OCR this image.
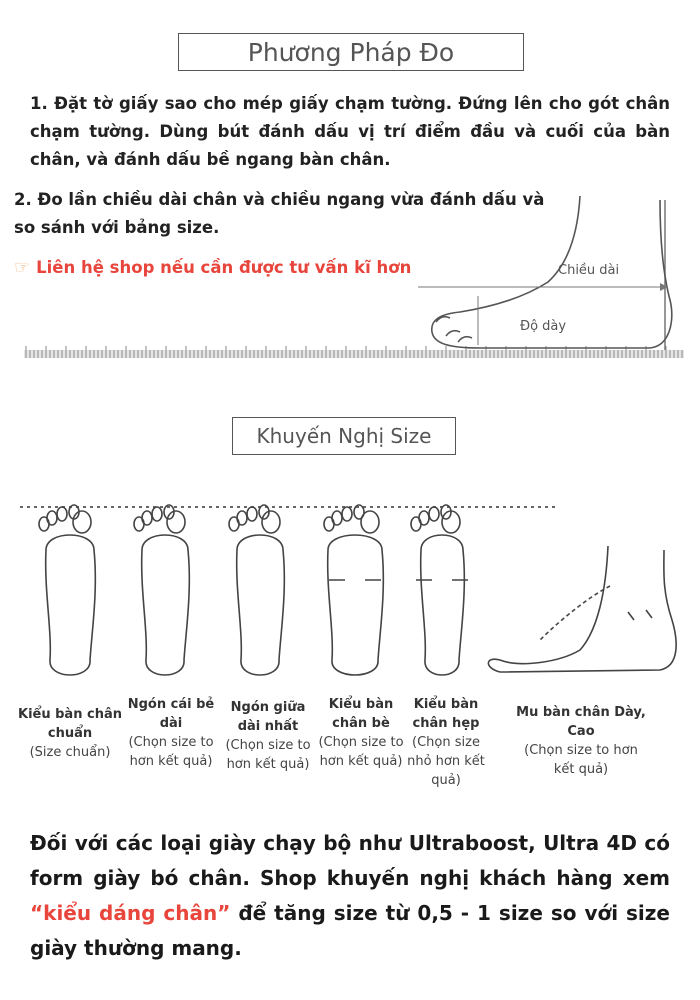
Phương Pháp Đo
1. Đặt tờ giấy sao cho mép giấy chạm tường. Đứng lên cho gót chân chạm tường. Dùng bút đánh dấu vị trí điểm đầu và cuối của bàn chân, và đánh dấu bề ngang bàn chân.
2. Đo lần chiều dài chân và chiều ngang vừa đánh dấu và so sánh với bảng size.
☞ Liên hệ shop nếu cần được tư vấn kĩ hơn	Chiều dài
Độ dày
Khuyến Nghị Size
Kiểu bàn chân chuẩn
(Size chuẩn)
Ngón cái bẻ dài
(Chọn size to hơn kết quả)
Ngón giữa dài nhất
(Chọn size to hơn kết quả)
Kiểu bàn chân bè
(Chọn size to hơn kết quả)
Kiểu bàn chân hẹp
(Chọn size nhỏ hơn kết quả)
Mu bàn chân Dày, Cao
(Chọn size to hơn kết quả)
Đối với các loại giày chạy bộ như Ultraboost, Ultra 4D có form giày bó chân. Shop khuyến nghị khách hàng xem “kiểu dáng chân” để tăng size từ 0,5 - 1 size so với size giày thường mang.
